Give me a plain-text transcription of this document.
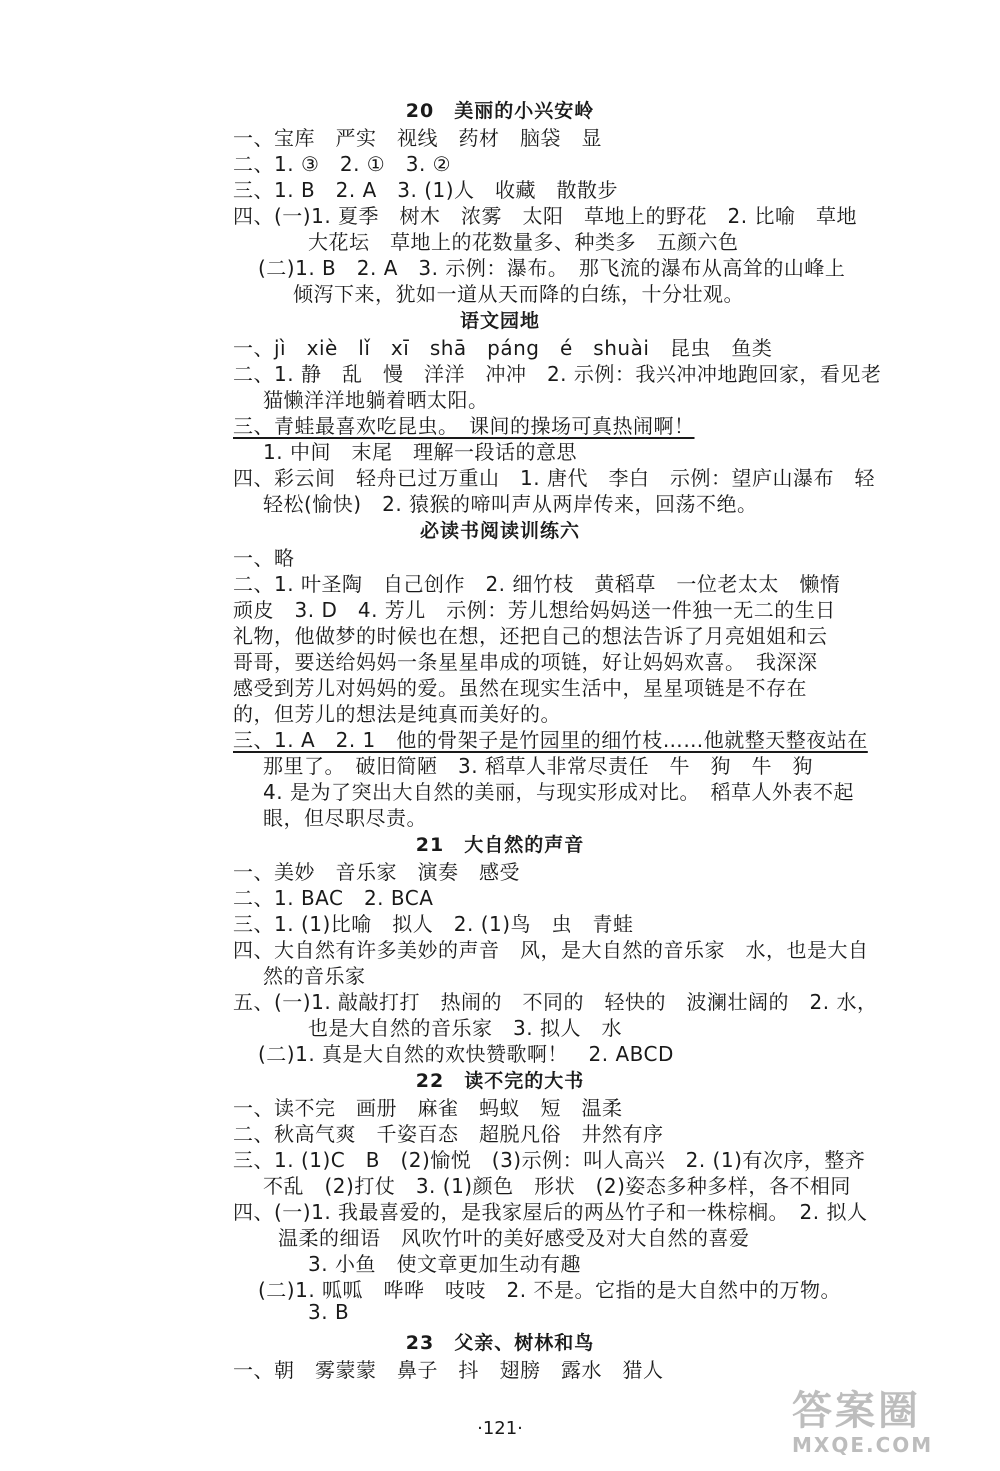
20　美丽的小兴安岭
一、宝库　严实　视线　药材　脑袋　显
二、1. ③　2. ①　3. ②
三、1. B　2. A　3. (1)人　收藏　散散步
四、(一)1. 夏季　树木　浓雾　太阳　草地上的野花　2. 比喻　草地
大花坛　草地上的花数量多、种类多　五颜六色
(二)1. B　2. A　3. 示例：瀑布。　那飞流的瀑布从高耸的山峰上
倾泻下来，犹如一道从天而降的白练，十分壮观。
语文园地
一、jì　xiè　lǐ　xī　shā　páng　é　shuài　昆虫　鱼类
二、1. 静　乱　慢　洋洋　冲冲　2. 示例：我兴冲冲地跑回家，看见老
猫懒洋洋地躺着晒太阳。
三、青蛙最喜欢吃昆虫。　课间的操场可真热闹啊！
1. 中间　末尾　理解一段话的意思
四、彩云间　轻舟已过万重山　1. 唐代　李白　示例：望庐山瀑布　轻
轻松(愉快)　2. 猿猴的啼叫声从两岸传来，回荡不绝。
必读书阅读训练六
一、略
二、1. 叶圣陶　自己创作　2. 细竹枝　黄稻草　一位老太太　懒惰
顽皮　3. D　4. 芳儿　示例：芳儿想给妈妈送一件独一无二的生日
礼物，他做梦的时候也在想，还把自己的想法告诉了月亮姐姐和云
哥哥，要送给妈妈一条星星串成的项链，好让妈妈欢喜。　我深深
感受到芳儿对妈妈的爱。虽然在现实生活中，星星项链是不存在
的，但芳儿的想法是纯真而美好的。
三、1. A　2. 1　他的骨架子是竹园里的细竹枝……他就整天整夜站在
那里了。　破旧简陋　3. 稻草人非常尽责任　牛　狗　牛　狗
4. 是为了突出大自然的美丽，与现实形成对比。　稻草人外表不起
眼，但尽职尽责。
21　大自然的声音
一、美妙　音乐家　演奏　感受
二、1. BAC　2. BCA
三、1. (1)比喻　拟人　2. (1)鸟　虫　青蛙
四、大自然有许多美妙的声音　风，是大自然的音乐家　水，也是大自
然的音乐家
五、(一)1. 敲敲打打　热闹的　不同的　轻快的　波澜壮阔的　2. 水，
也是大自然的音乐家　3. 拟人　水
(二)1. 真是大自然的欢快赞歌啊！　2. ABCD
22　读不完的大书
一、读不完　画册　麻雀　蚂蚁　短　温柔
二、秋高气爽　千姿百态　超脱凡俗　井然有序
三、1. (1)C　B　(2)愉悦　(3)示例：叫人高兴　2. (1)有次序，整齐
不乱　(2)打仗　3. (1)颜色　形状　(2)姿态多种多样，各不相同
四、(一)1. 我最喜爱的，是我家屋后的两丛竹子和一株棕榈。　2. 拟人
温柔的细语　风吹竹叶的美好感受及对大自然的喜爱
3. 小鱼　使文章更加生动有趣
(二)1. 呱呱　哗哗　吱吱　2. 不是。它指的是大自然中的万物。
3. B
23　父亲、树林和鸟
一、朝　雾蒙蒙　鼻子　抖　翅膀　露水　猎人
·121·	答案圈
MXQE.COM
